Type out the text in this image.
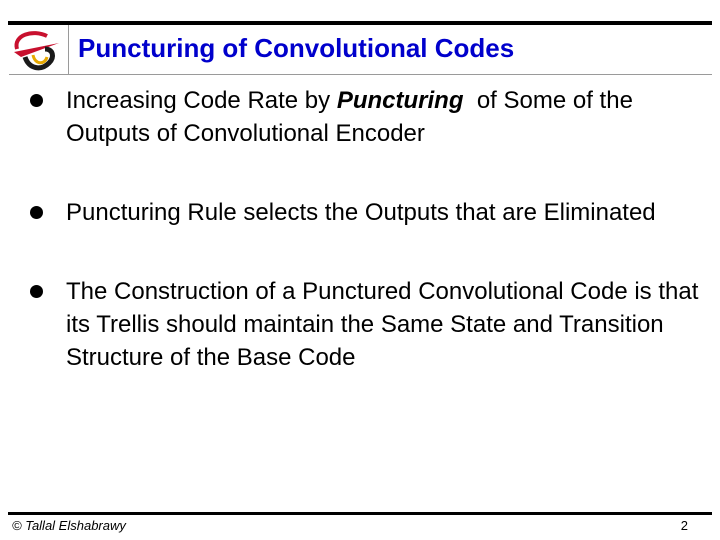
Puncturing of Convolutional Codes
Increasing Code Rate by Puncturing  of Some of the Outputs of Convolutional Encoder
Puncturing Rule selects the Outputs that are Eliminated
The Construction of a Punctured Convolutional Code is that its Trellis should maintain the Same State and Transition Structure of the Base Code
© Tallal Elshabrawy	2
